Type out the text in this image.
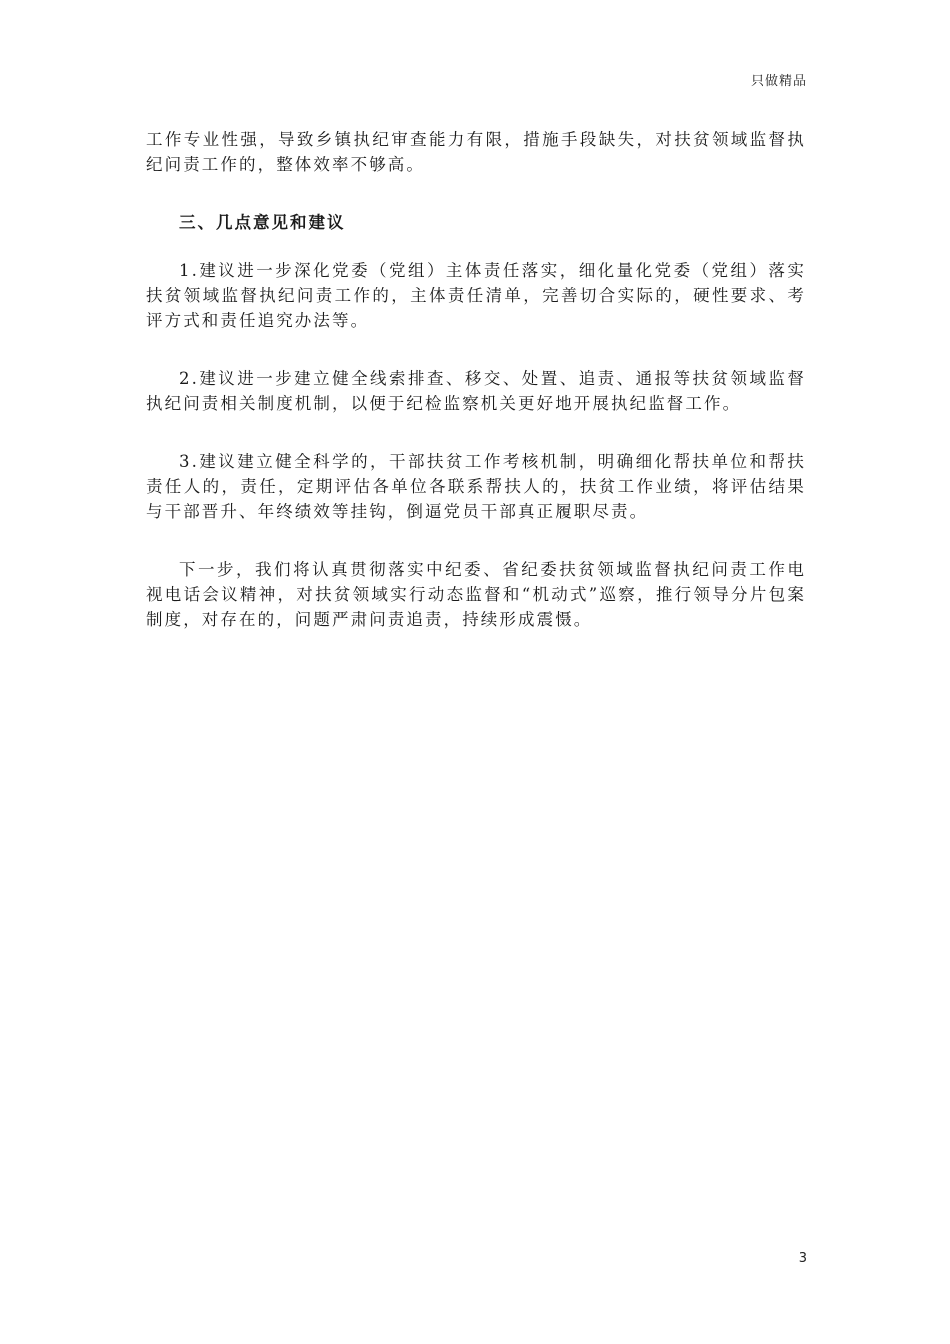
只做精品

工作专业性强，导致乡镇执纪审查能力有限，措施手段缺失，对扶贫领域监督执纪问责工作的，整体效率不够高。

三、几点意见和建议

1.建议进一步深化党委（党组）主体责任落实，细化量化党委（党组）落实扶贫领域监督执纪问责工作的，主体责任清单，完善切合实际的，硬性要求、考评方式和责任追究办法等。

2.建议进一步建立健全线索排查、移交、处置、追责、通报等扶贫领域监督执纪问责相关制度机制，以便于纪检监察机关更好地开展执纪监督工作。

3.建议建立健全科学的，干部扶贫工作考核机制，明确细化帮扶单位和帮扶责任人的，责任，定期评估各单位各联系帮扶人的，扶贫工作业绩，将评估结果与干部晋升、年终绩效等挂钩，倒逼党员干部真正履职尽责。

下一步，我们将认真贯彻落实中纪委、省纪委扶贫领域监督执纪问责工作电视电话会议精神，对扶贫领域实行动态监督和“机动式”巡察，推行领导分片包案制度，对存在的，问题严肃问责追责，持续形成震慑。

3
